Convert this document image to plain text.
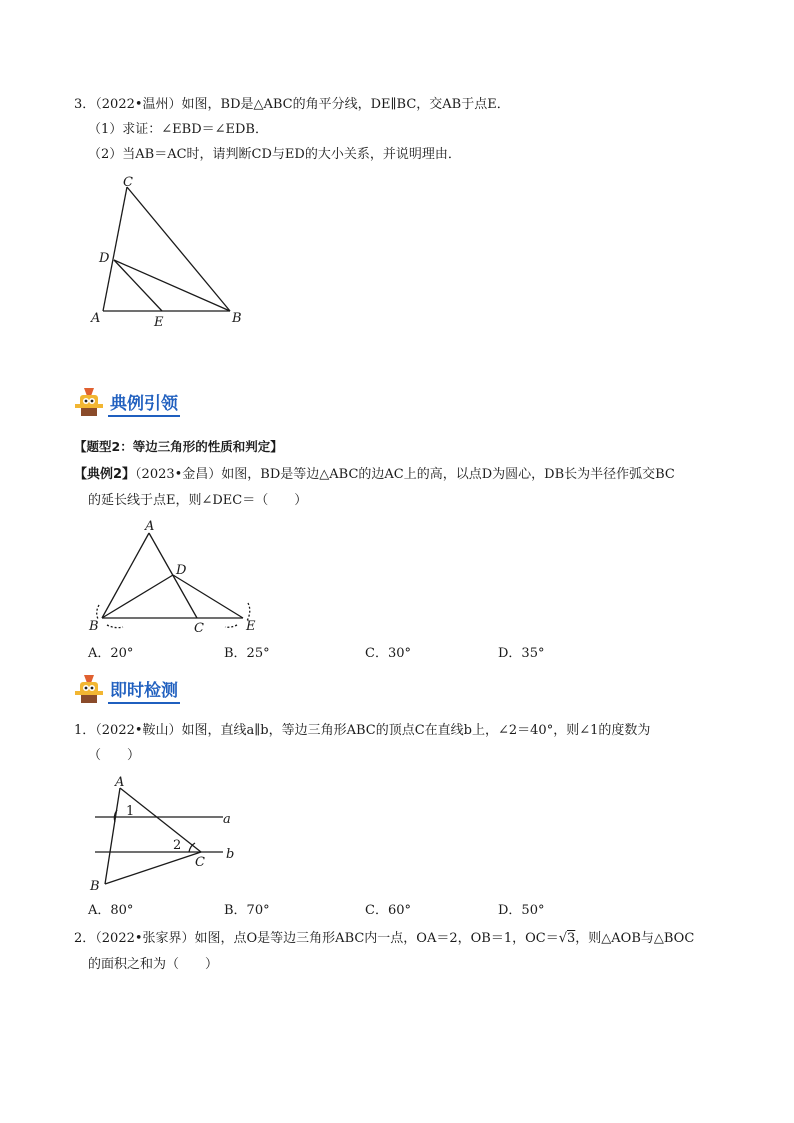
3．（2022•温州）如图，BD是△ABC的角平分线，DE∥BC，交AB于点E．
（1）求证：∠EBD＝∠EDB．
（2）当AB＝AC时，请判断CD与ED的大小关系，并说明理由．
C
D
A	E	B
典例引领
【题型2：等边三角形的性质和判定】
【典例2】（2023•金昌）如图，BD是等边△ABC的边AC上的高，以点D为圆心，DB长为半径作弧交BC
的延长线于点E，则∠DEC＝（　　）
A
D
B	C	E
A．20°	B．25°	C．30°	D．35°
即时检测
1．（2022•鞍山）如图，直线a∥b，等边三角形ABC的顶点C在直线b上，∠2＝40°，则∠1的度数为
（　　）
A
1
a
2
b
C
B
A．80°	B．70°	C．60°	D．50°
2．（2022•张家界）如图，点O是等边三角形ABC内一点，OA＝2，OB＝1，OC＝√3，则△AOB与△BOC
的面积之和为（　　）
